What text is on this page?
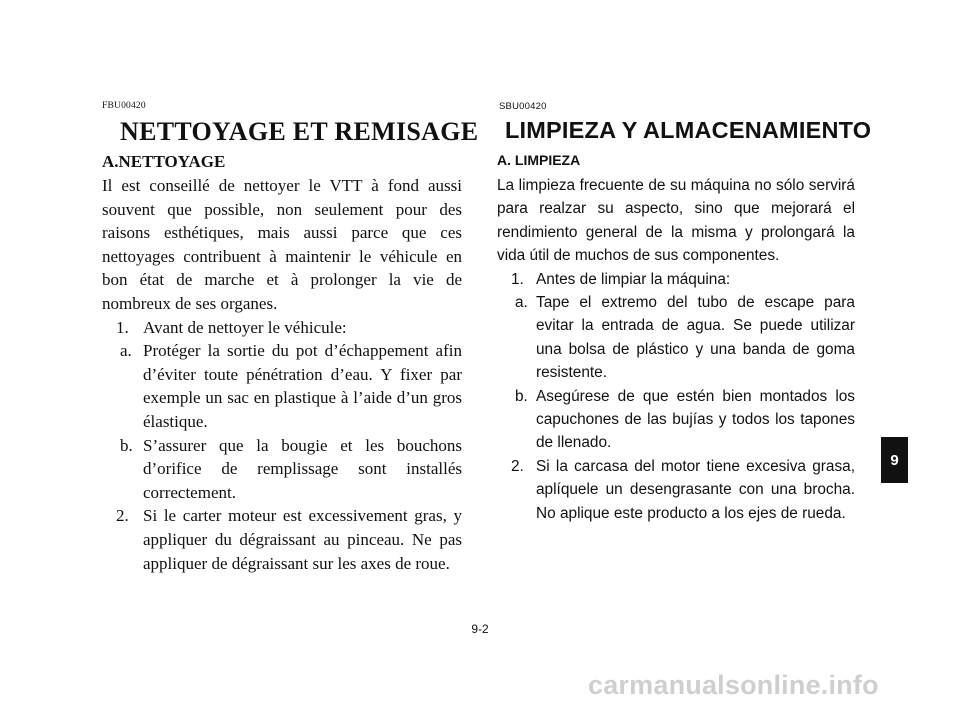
FBU00420
NETTOYAGE ET REMISAGE
A.NETTOYAGE

Il est conseillé de nettoyer le VTT à fond aussi souvent que possible, non seulement pour des raisons esthétiques, mais aussi parce que ces nettoyages contribuent à maintenir le véhicule en bon état de marche et à prolonger la vie de nombreux de ses organes.

1. Avant de nettoyer le véhicule:
a. Protéger la sortie du pot d’échappement afin d’éviter toute pénétration d’eau. Y fixer par exemple un sac en plastique à l’aide d’un gros élastique.
b. S’assurer que la bougie et les bouchons d’orifice de remplissage sont installés correctement.
2. Si le carter moteur est excessivement gras, y appliquer du dégraissant au pinceau. Ne pas appliquer de dégraissant sur les axes de roue.
SBU00420
LIMPIEZA Y ALMACENAMIENTO
A. LIMPIEZA

La limpieza frecuente de su máquina no sólo servirá para realzar su aspecto, sino que mejorará el rendimiento general de la misma y prolongará la vida útil de muchos de sus componentes.

1. Antes de limpiar la máquina:
a. Tape el extremo del tubo de escape para evitar la entrada de agua. Se puede utilizar una bolsa de plástico y una banda de goma resistente.
b. Asegúrese de que estén bien montados los capuchones de las bujías y todos los tapones de llenado.
2. Si la carcasa del motor tiene excesiva grasa, aplíquele un desengrasante con una brocha. No aplique este producto a los ejes de rueda.
9
9-2
carmanualsonline.info
